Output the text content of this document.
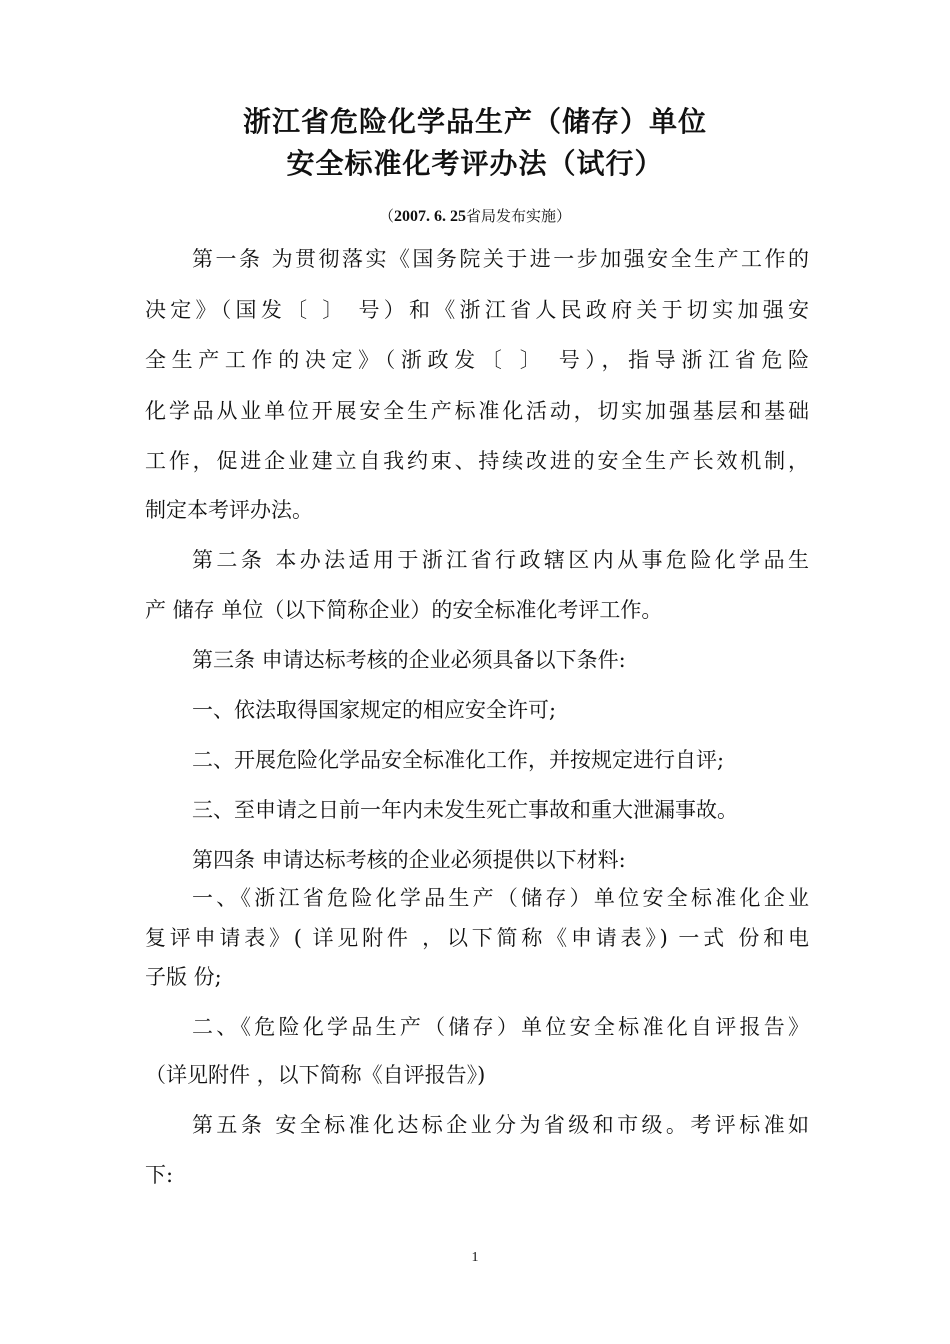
浙江省危险化学品生产（储存）单位
安全标准化考评办法（试行）
（2007. 6. 25省局发布实施）
第一条 为贯彻落实《国务院关于进一步加强安全生产工作的
决定》（国发〔 〕 号）和《浙江省人民政府关于切实加强安
全生产工作的决定》（浙政发〔 〕 号），指导浙江省危险
化学品从业单位开展安全生产标准化活动，切实加强基层和基础
工作，促进企业建立自我约束、持续改进的安全生产长效机制，
制定本考评办法。
第二条 本办法适用于浙江省行政辖区内从事危险化学品生
产 储存 单位（以下简称企业）的安全标准化考评工作。
第三条 申请达标考核的企业必须具备以下条件:
一、依法取得国家规定的相应安全许可;
二、开展危险化学品安全标准化工作，并按规定进行自评;
三、至申请之日前一年内未发生死亡事故和重大泄漏事故。
第四条 申请达标考核的企业必须提供以下材料:
一、《浙江省危险化学品生产（储存）单位安全标准化企业
复评申请表》( 详见附件 ，以下简称《申请表》) 一式 份和电
子版 份;
二、《危险化学品生产（储存）单位安全标准化自评报告》
（详见附件 ，以下简称《自评报告》)
第五条 安全标准化达标企业分为省级和市级。考评标准如
下:
1
